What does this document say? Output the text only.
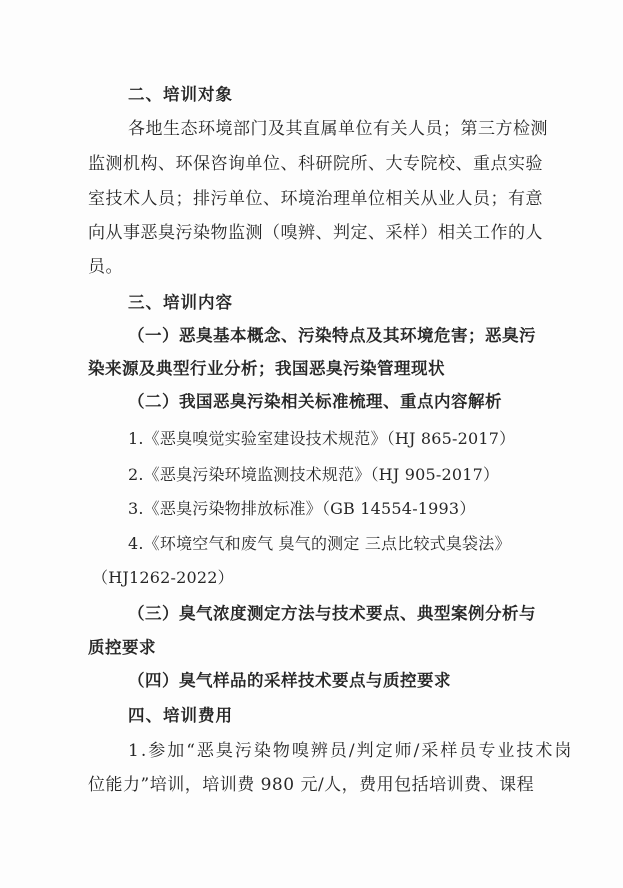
二、培训对象
各地生态环境部门及其直属单位有关人员；第三方检测
监测机构、环保咨询单位、科研院所、大专院校、重点实验
室技术人员；排污单位、环境治理单位相关从业人员；有意
向从事恶臭污染物监测（嗅辨、判定、采样）相关工作的人
员。
三、培训内容
（一）恶臭基本概念、污染特点及其环境危害；恶臭污
染来源及典型行业分析；我国恶臭污染管理现状
（二）我国恶臭污染相关标准梳理、重点内容解析
1.《恶臭嗅觉实验室建设技术规范》（HJ 865-2017）
2.《恶臭污染环境监测技术规范》（HJ 905-2017）
3.《恶臭污染物排放标准》（GB 14554-1993）
4.《环境空气和废气 臭气的测定 三点比较式臭袋法》
（HJ1262-2022）
（三）臭气浓度测定方法与技术要点、典型案例分析与
质控要求
（四）臭气样品的采样技术要点与质控要求
四、培训费用
1.参加“恶臭污染物嗅辨员/判定师/采样员专业技术岗
位能力”培训，培训费 980 元/人，费用包括培训费、课程
